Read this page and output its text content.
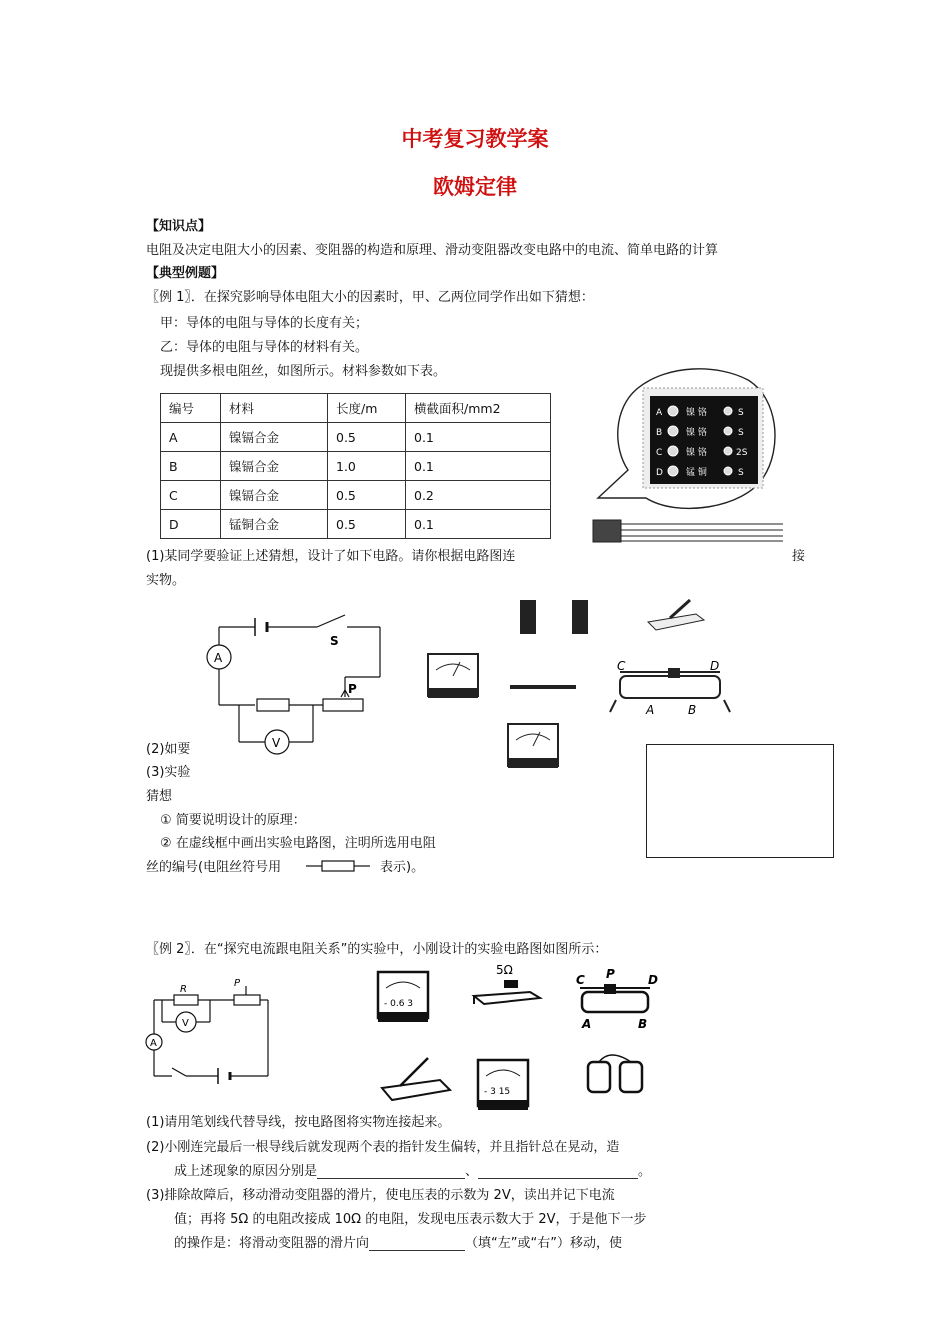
中考复习教学案
欧姆定律
【知识点】
电阻及决定电阻大小的因素、变阻器的构造和原理、滑动变阻器改变电路中的电流、简单电路的计算
【典型例题】
〖例 1〗．在探究影响导体电阻大小的因素时，甲、乙两位同学作出如下猜想：
甲：导体的电阻与导体的长度有关；
乙：导体的电阻与导体的材料有关。
现提供多根电阻丝，如图所示。材料参数如下表。
编号	材料	长度/m	横截面积/mm2
A	镍镉合金	0.5	0.1
B	镍镉合金	1.0	0.1
C	镍镉合金	0.5	0.2
D	锰铜合金	0.5	0.1
A
B
C
D
镍 铬
镍 铬
镍 铬
锰 铜
S
S
2S
S
(1)某同学要验证上述猜想，设计了如下电路。请你根据电路图连	接
实物。
A
V
S
P
C	D
A	B
(2)如要
(3)实验
猜想
① 简要说明设计的原理：
② 在虚线框中画出实验电路图，注明所选用电阻
丝的编号(电阻丝符号用	表示)。
〖例 2〗．在“探究电流跟电阻关系”的实验中，小刚设计的实验电路图如图所示：
R
P
A
V
- 0.6 3
5Ω
C P	D
A	B
- 3 15
(1)请用笔划线代替导线，按电路图将实物连接起来。
(2)小刚连完最后一根导线后就发现两个表的指针发生偏转，并且指针总在晃动，造
成上述现象的原因分别是	、	。
(3)排除故障后，移动滑动变阻器的滑片，使电压表的示数为 2V，读出并记下电流
值；再将 5Ω 的电阻改接成 10Ω 的电阻，发现电压表示数大于 2V，于是他下一步
的操作是：将滑动变阻器的滑片向	（填“左”或“右”）移动，使
